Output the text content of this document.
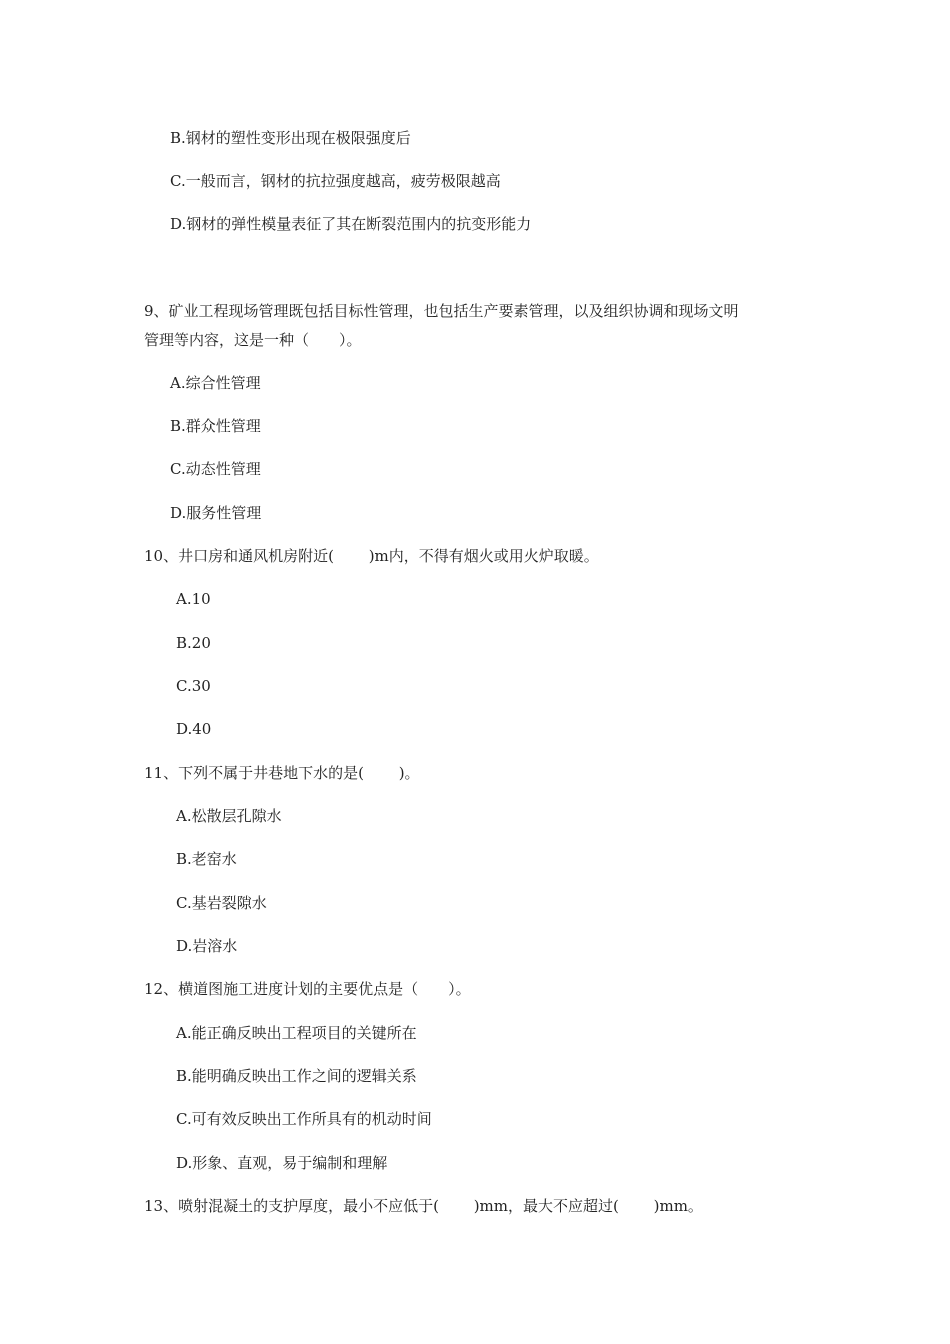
B.钢材的塑性变形出现在极限强度后

C.一般而言，钢材的抗拉强度越高，疲劳极限越高

D.钢材的弹性模量表征了其在断裂范围内的抗变形能力

9、矿业工程现场管理既包括目标性管理，也包括生产要素管理，以及组织协调和现场文明

管理等内容，这是一种（　　）。

A.综合性管理

B.群众性管理

C.动态性管理

D.服务性管理

10、井口房和通风机房附近(　　 )m内，不得有烟火或用火炉取暖。

A.10

B.20

C.30

D.40

11、下列不属于井巷地下水的是(　　 )。

A.松散层孔隙水

B.老窑水

C.基岩裂隙水

D.岩溶水

12、横道图施工进度计划的主要优点是（　　）。

A.能正确反映出工程项目的关键所在

B.能明确反映出工作之间的逻辑关系

C.可有效反映出工作所具有的机动时间

D.形象、直观，易于编制和理解

13、喷射混凝土的支护厚度，最小不应低于(　　 )mm，最大不应超过(　　 )mm。
